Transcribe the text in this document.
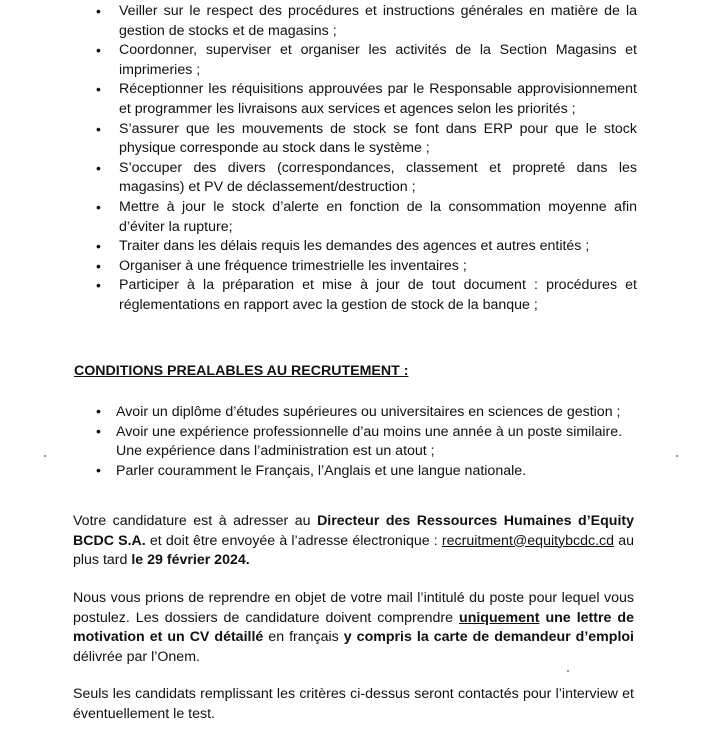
• Veiller sur le respect des procédures et instructions générales en matière de la gestion de stocks et de magasins ;
• Coordonner, superviser et organiser les activités de la Section Magasins et imprimeries ;
• Réceptionner les réquisitions approuvées par le Responsable approvisionnement et programmer les livraisons aux services et agences selon les priorités ;
• S’assurer que les mouvements de stock se font dans ERP pour que le stock physique corresponde au stock dans le système ;
• S’occuper des divers (correspondances, classement et propreté dans les magasins) et PV de déclassement/destruction ;
• Mettre à jour le stock d’alerte en fonction de la consommation moyenne afin d’éviter la rupture;
• Traiter dans les délais requis les demandes des agences et autres entités ;
• Organiser à une fréquence trimestrielle les inventaires ;
• Participer à la préparation et mise à jour de tout document : procédures et réglementations en rapport avec la gestion de stock de la banque ;
CONDITIONS PREALABLES AU RECRUTEMENT :
• Avoir un diplôme d’études supérieures ou universitaires en sciences de gestion ;
• Avoir une expérience professionnelle d’au moins une année à un poste similaire. Une expérience dans l’administration est un atout ;
• Parler couramment le Français, l’Anglais et une langue nationale.

Votre candidature est à adresser au Directeur des Ressources Humaines d’Equity BCDC S.A. et doit être envoyée à l’adresse électronique : recruitment@equitybcdc.cd au plus tard le 29 février 2024.

Nous vous prions de reprendre en objet de votre mail l’intitulé du poste pour lequel vous postulez. Les dossiers de candidature doivent comprendre uniquement une lettre de motivation et un CV détaillé en français y compris la carte de demandeur d’emploi délivrée par l’Onem.

Seuls les candidats remplissant les critères ci-dessus seront contactés pour l’interview et éventuellement le test.
